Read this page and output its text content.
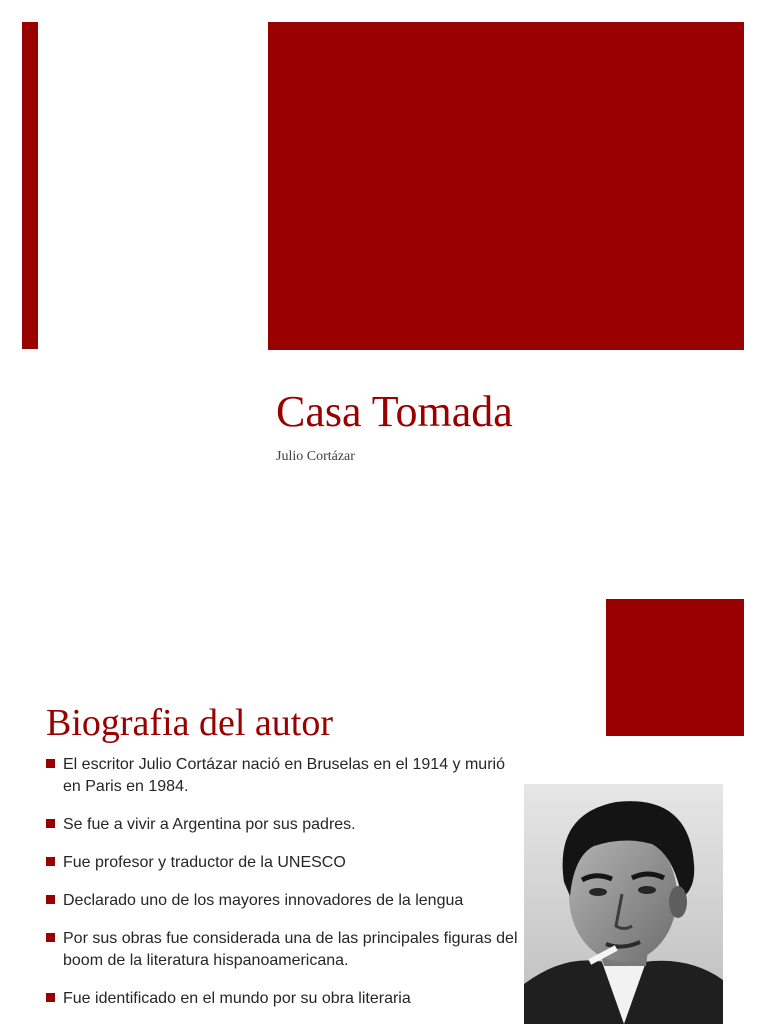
Casa Tomada
Julio Cortázar
Biografia del autor
El escritor Julio Cortázar nació en Bruselas en el 1914 y murió en Paris en 1984.
Se fue a vivir a Argentina por sus padres.
Fue profesor y traductor de la UNESCO
Declarado uno de los mayores innovadores de la lengua
Por sus obras fue considerada una de las principales figuras del boom de la literatura hispanoamericana.
Fue identificado en el mundo por su obra literaria
